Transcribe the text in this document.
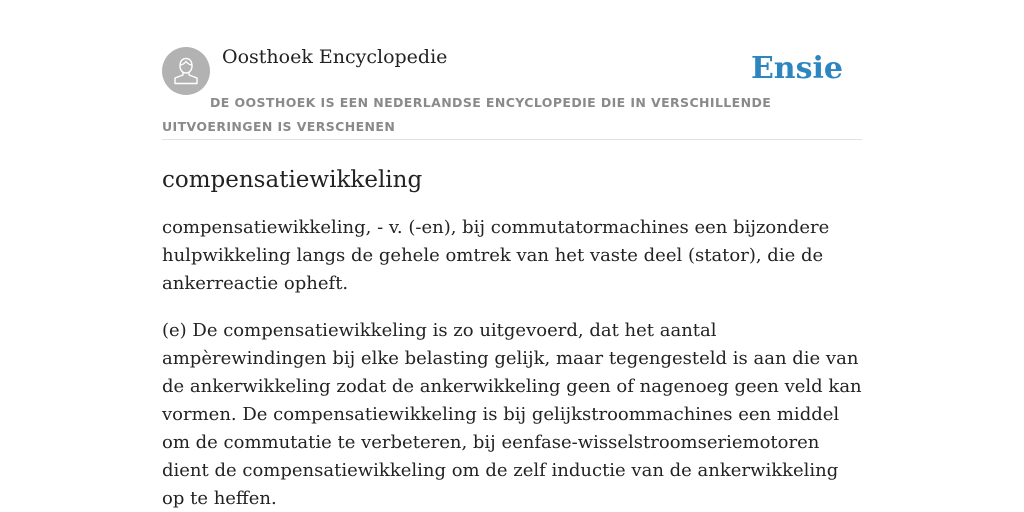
Oosthoek Encyclopedie	Ensie

DE OOSTHOEK IS EEN NEDERLANDSE ENCYCLOPEDIE DIE IN VERSCHILLENDE UITVOERINGEN IS VERSCHENEN

compensatiewikkeling

compensatiewikkeling, - v. (-en), bij commutatormachines een bijzondere hulpwikkeling langs de gehele omtrek van het vaste deel (stator), die de ankerreactie opheft.

(e) De compensatiewikkeling is zo uitgevoerd, dat het aantal ampèrewindingen bij elke belasting gelijk, maar tegengesteld is aan die van de ankerwikkeling zodat de ankerwikkeling geen of nagenoeg geen veld kan vormen. De compensatiewikkeling is bij gelijkstroommachines een middel om de commutatie te verbeteren, bij eenfase-wisselstroomseriemotoren dient de compensatiewikkeling om de zelf inductie van de ankerwikkeling op te heffen.
